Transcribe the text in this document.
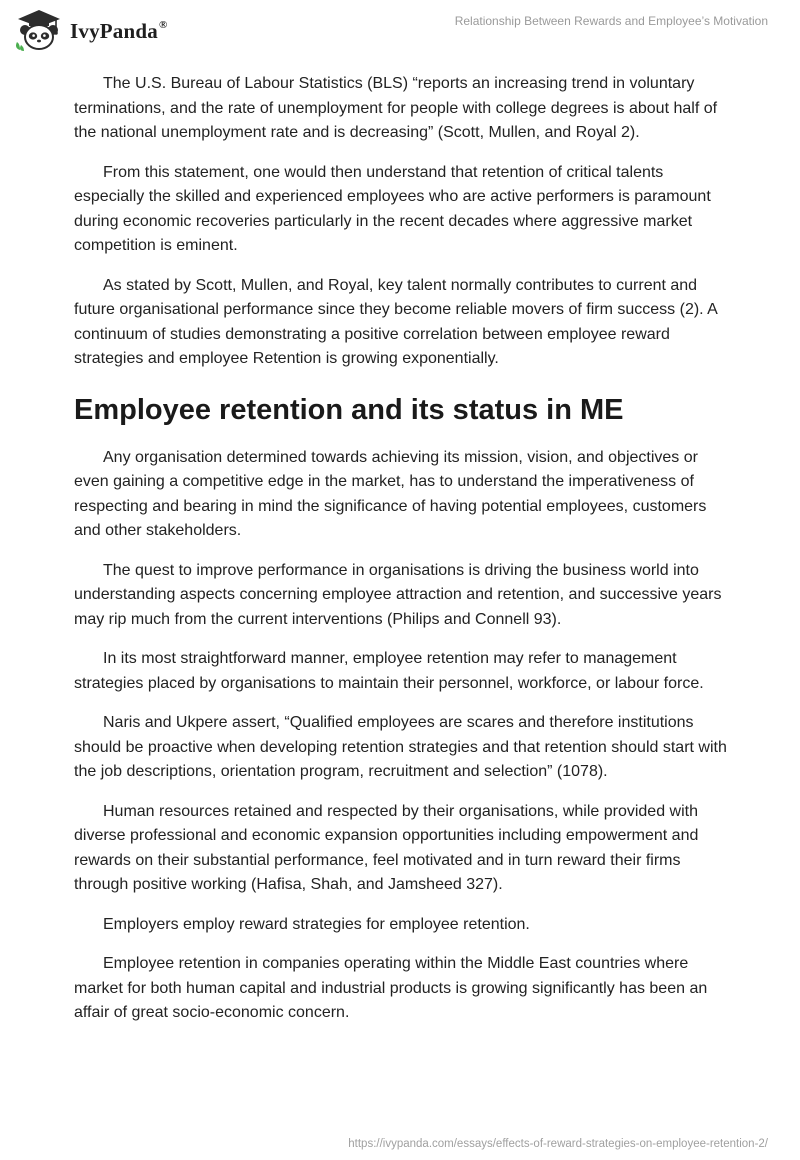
IvyPanda®	Relationship Between Rewards and Employee’s Motivation

The U.S. Bureau of Labour Statistics (BLS) “reports an increasing trend in voluntary terminations, and the rate of unemployment for people with college degrees is about half of the national unemployment rate and is decreasing” (Scott, Mullen, and Royal 2).

From this statement, one would then understand that retention of critical talents especially the skilled and experienced employees who are active performers is paramount during economic recoveries particularly in the recent decades where aggressive market competition is eminent.

As stated by Scott, Mullen, and Royal, key talent normally contributes to current and future organisational performance since they become reliable movers of firm success (2). A continuum of studies demonstrating a positive correlation between employee reward strategies and employee Retention is growing exponentially.

Employee retention and its status in ME

Any organisation determined towards achieving its mission, vision, and objectives or even gaining a competitive edge in the market, has to understand the imperativeness of respecting and bearing in mind the significance of having potential employees, customers and other stakeholders.

The quest to improve performance in organisations is driving the business world into understanding aspects concerning employee attraction and retention, and successive years may rip much from the current interventions (Philips and Connell 93).

In its most straightforward manner, employee retention may refer to management strategies placed by organisations to maintain their personnel, workforce, or labour force.

Naris and Ukpere assert, “Qualified employees are scares and therefore institutions should be proactive when developing retention strategies and that retention should start with the job descriptions, orientation program, recruitment and selection” (1078).

Human resources retained and respected by their organisations, while provided with diverse professional and economic expansion opportunities including empowerment and rewards on their substantial performance, feel motivated and in turn reward their firms through positive working (Hafisa, Shah, and Jamsheed 327).

Employers employ reward strategies for employee retention.

Employee retention in companies operating within the Middle East countries where market for both human capital and industrial products is growing significantly has been an affair of great socio-economic concern.

https://ivypanda.com/essays/effects-of-reward-strategies-on-employee-retention-2/
